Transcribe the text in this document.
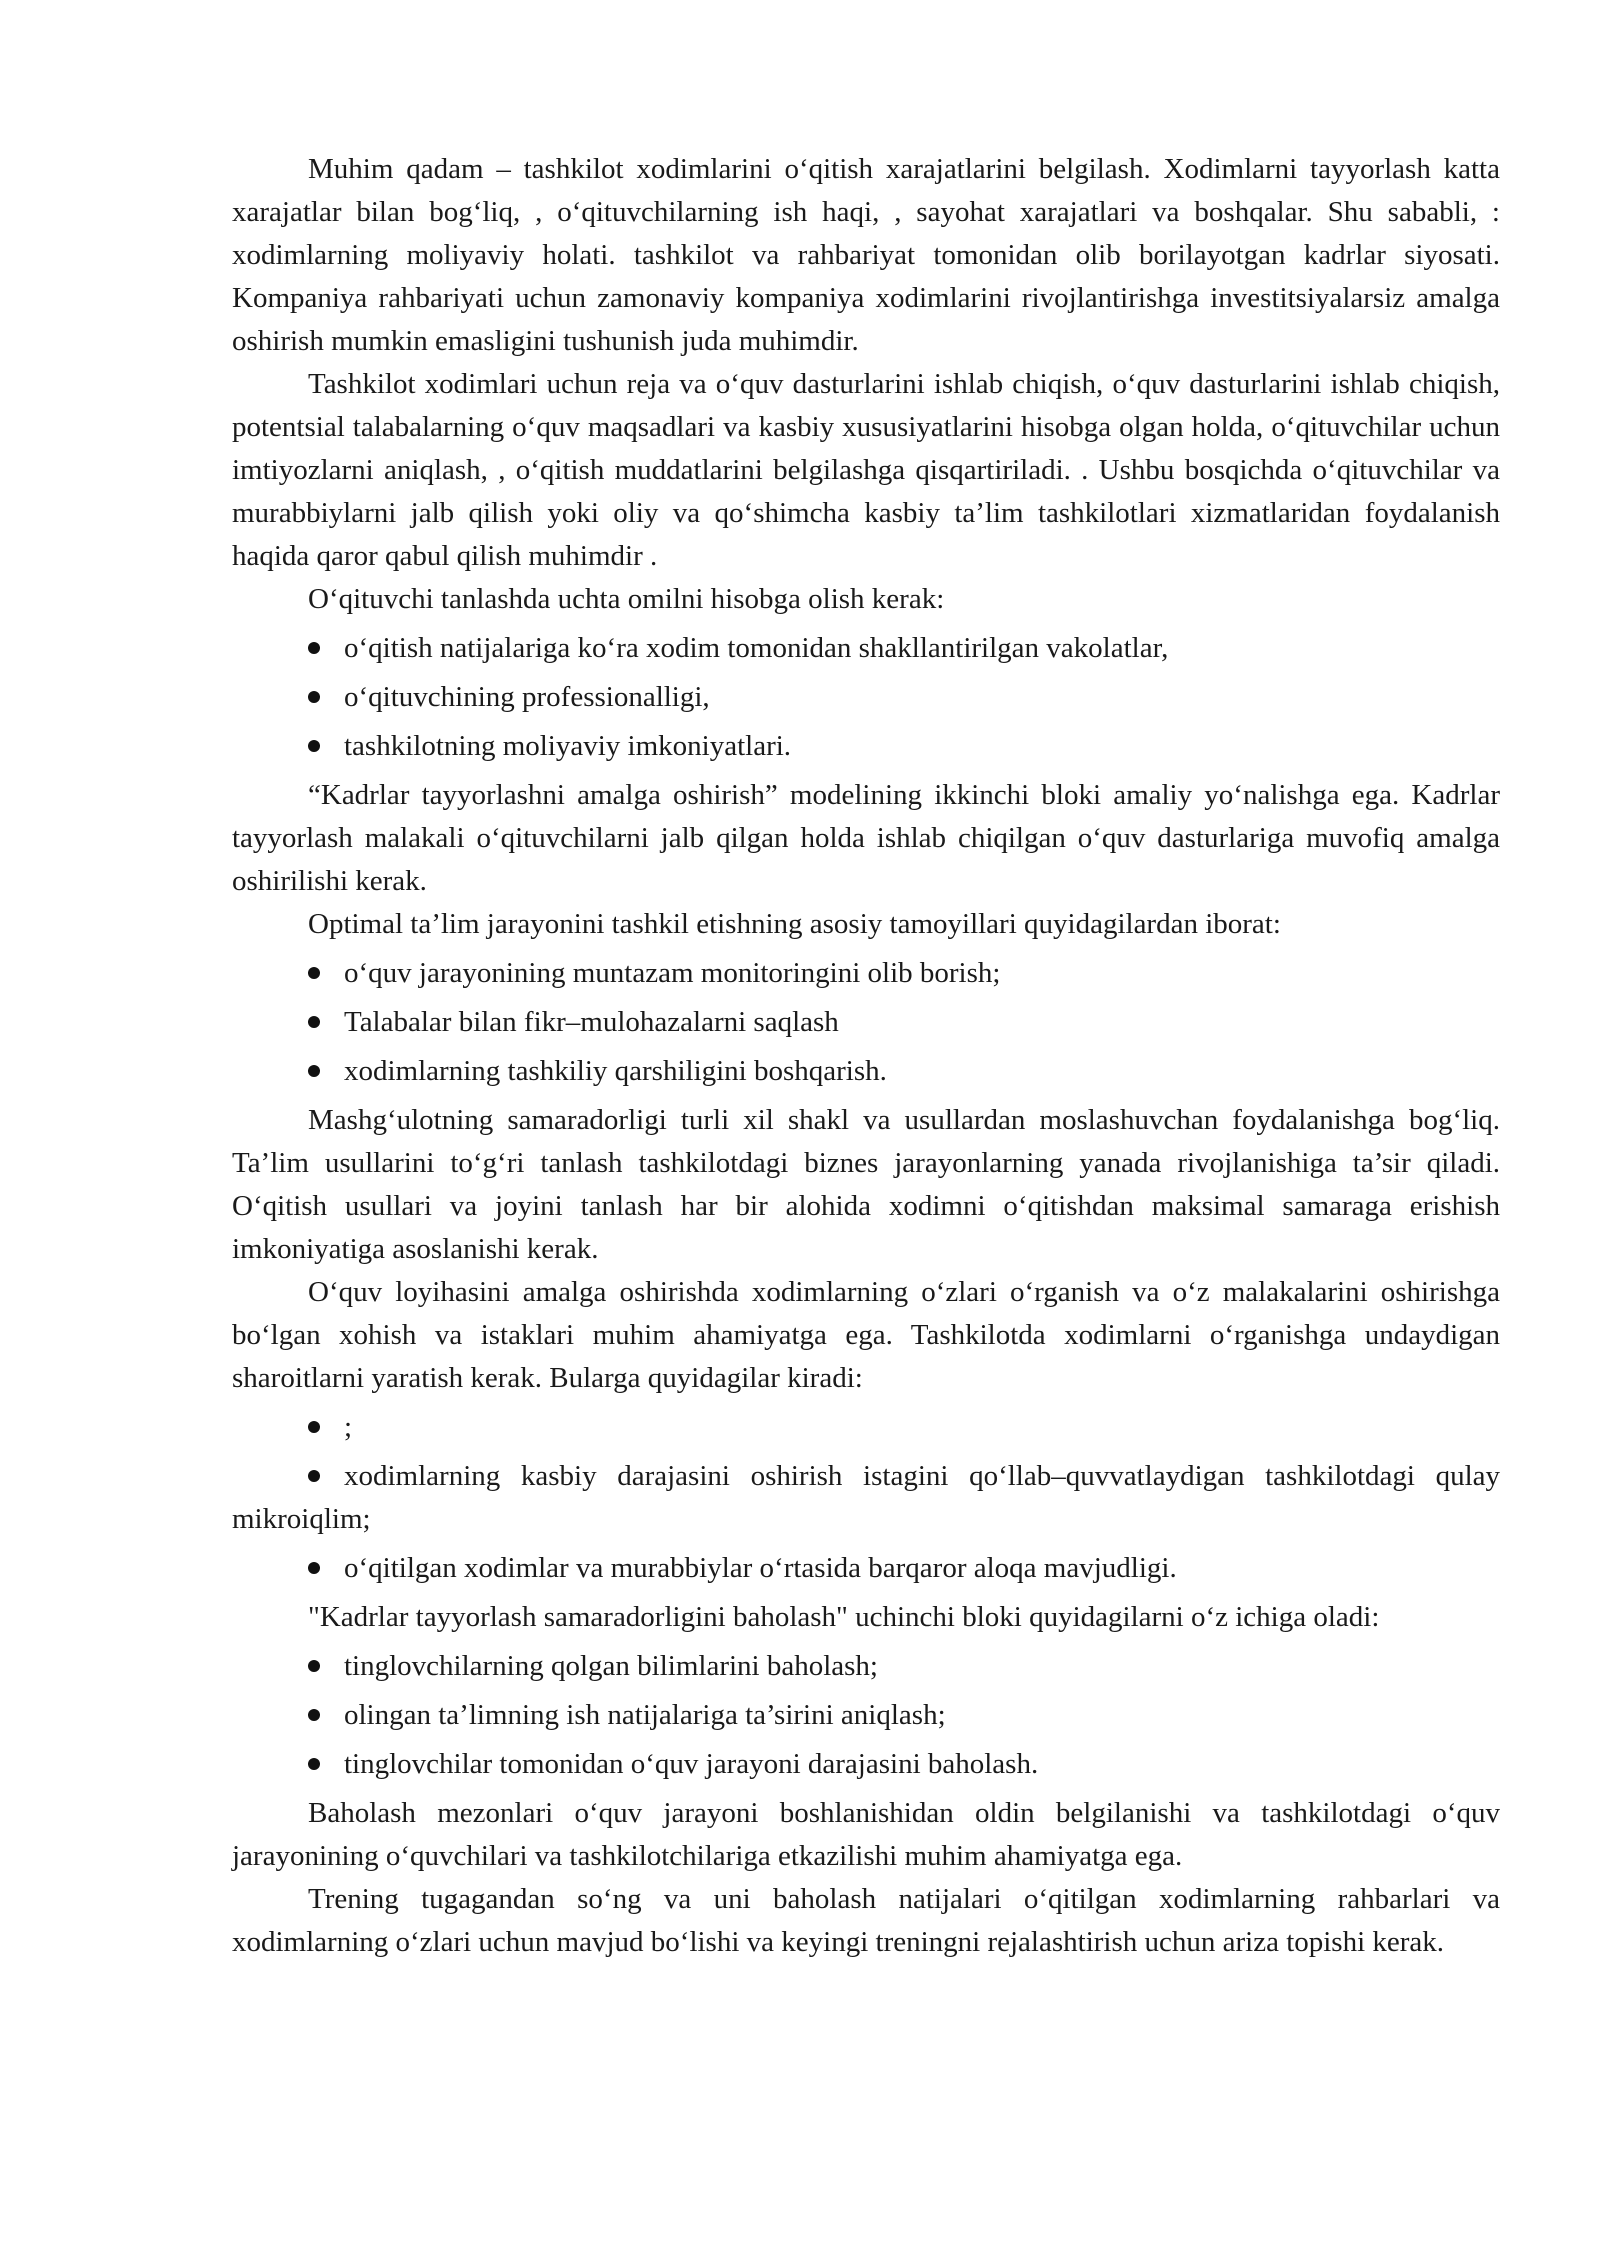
Muhim qadam – tashkilot xodimlarini oʻqitish xarajatlarini belgilash. Xodimlarni tayyorlash katta xarajatlar bilan bogʻliq, , oʻqituvchilarning ish haqi, , sayohat xarajatlari va boshqalar. Shu sababli, : xodimlarning moliyaviy holati. tashkilot va rahbariyat tomonidan olib borilayotgan kadrlar siyosati. Kompaniya rahbariyati uchun zamonaviy kompaniya xodimlarini rivojlantirishga investitsiyalarsiz amalga oshirish mumkin emasligini tushunish juda muhimdir.

Tashkilot xodimlari uchun reja va oʻquv dasturlarini ishlab chiqish, oʻquv dasturlarini ishlab chiqish, potentsial talabalarning oʻquv maqsadlari va kasbiy xususiyatlarini hisobga olgan holda, oʻqituvchilar uchun imtiyozlarni aniqlash, , oʻqitish muddatlarini belgilashga qisqartiriladi. . Ushbu bosqichda oʻqituvchilar va murabbiylarni jalb qilish yoki oliy va qoʻshimcha kasbiy ta’lim tashkilotlari xizmatlaridan foydalanish haqida qaror qabul qilish muhimdir .

Oʻqituvchi tanlashda uchta omilni hisobga olish kerak:

oʻqitish natijalariga koʻra xodim tomonidan shakllantirilgan vakolatlar,
oʻqituvchining professionalligi,
tashkilotning moliyaviy imkoniyatlari.

“Kadrlar tayyorlashni amalga oshirish” modelining ikkinchi bloki amaliy yoʻnalishga ega. Kadrlar tayyorlash malakali oʻqituvchilarni jalb qilgan holda ishlab chiqilgan oʻquv dasturlariga muvofiq amalga oshirilishi kerak.

Optimal ta’lim jarayonini tashkil etishning asosiy tamoyillari quyidagilardan iborat:

oʻquv jarayonining muntazam monitoringini olib borish;
Talabalar bilan fikr–mulohazalarni saqlash
xodimlarning tashkiliy qarshiligini boshqarish.

Mashgʻulotning samaradorligi turli xil shakl va usullardan moslashuvchan foydalanishga bogʻliq. Ta’lim usullarini toʻgʻri tanlash tashkilotdagi biznes jarayonlarning yanada rivojlanishiga ta’sir qiladi. Oʻqitish usullari va joyini tanlash har bir alohida xodimni oʻqitishdan maksimal samaraga erishish imkoniyatiga asoslanishi kerak.

Oʻquv loyihasini amalga oshirishda xodimlarning oʻzlari oʻrganish va oʻz malakalarini oshirishga boʻlgan xohish va istaklari muhim ahamiyatga ega. Tashkilotda xodimlarni oʻrganishga undaydigan sharoitlarni yaratish kerak. Bularga quyidagilar kiradi:

;
xodimlarning kasbiy darajasini oshirish istagini qoʻllab–quvvatlaydigan tashkilotdagi qulay mikroiqlim;
oʻqitilgan xodimlar va murabbiylar oʻrtasida barqaror aloqa mavjudligi.

"Kadrlar tayyorlash samaradorligini baholash" uchinchi bloki quyidagilarni oʻz ichiga oladi:

tinglovchilarning qolgan bilimlarini baholash;
olingan ta’limning ish natijalariga ta’sirini aniqlash;
tinglovchilar tomonidan oʻquv jarayoni darajasini baholash.

Baholash mezonlari oʻquv jarayoni boshlanishidan oldin belgilanishi va tashkilotdagi oʻquv jarayonining oʻquvchilari va tashkilotchilariga etkazilishi muhim ahamiyatga ega.

Trening tugagandan soʻng va uni baholash natijalari oʻqitilgan xodimlarning rahbarlari va xodimlarning oʻzlari uchun mavjud boʻlishi va keyingi treningni rejalashtirish uchun ariza topishi kerak.
